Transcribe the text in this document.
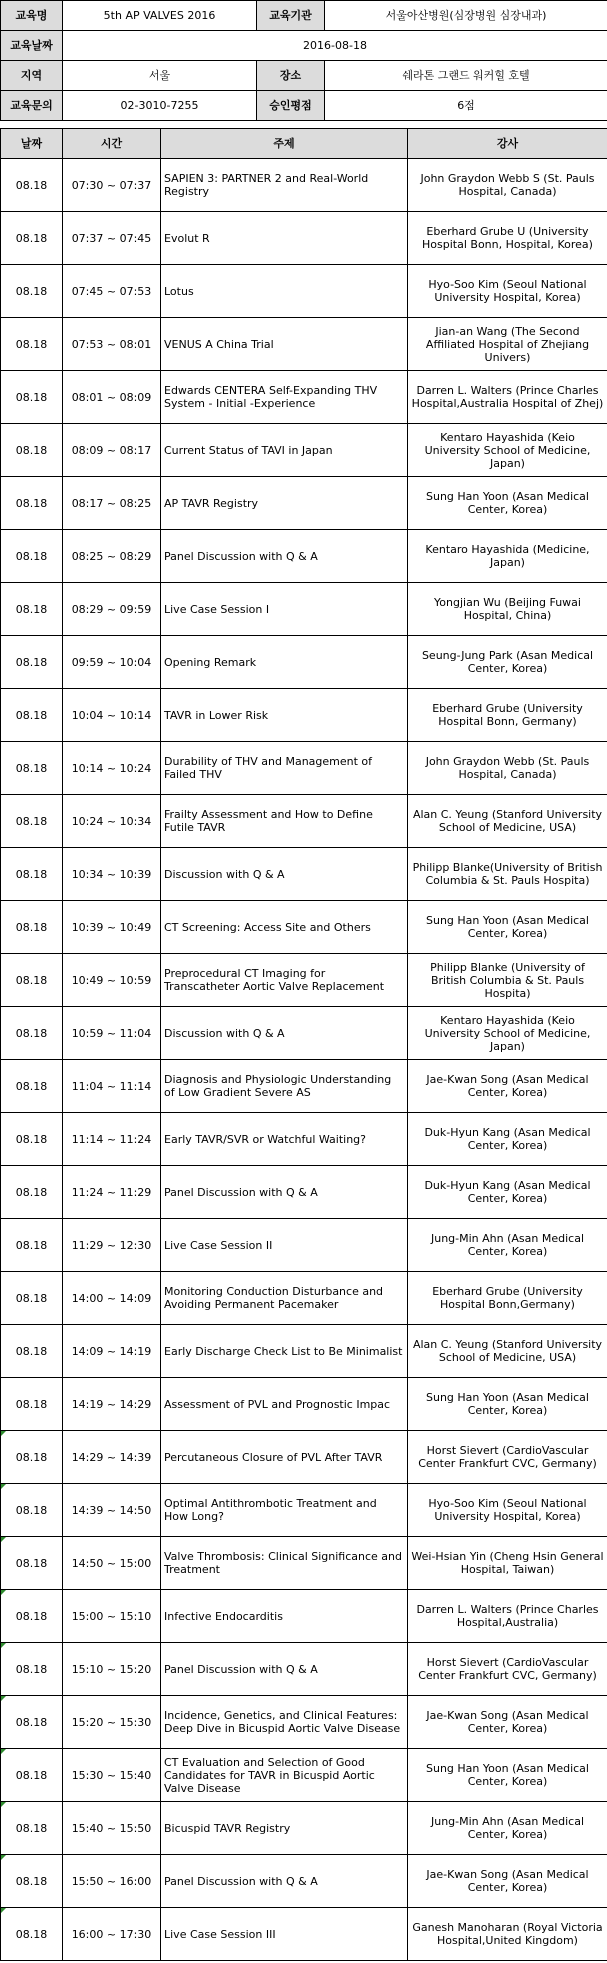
교육명	5th AP VALVES 2016	교육기관	서울아산병원(심장병원 심장내과)
교육날짜	2016-08-18		
지역	서울	장소	쉐라톤 그랜드 워커힐 호텔
교육문의	02-3010-7255	승인평점	6점
날짜	시간	주제	강사
08.18	07:30 ~ 07:37	SAPIEN 3: PARTNER 2 and Real-World Registry	John Graydon Webb S (St. Pauls Hospital, Canada)
08.18	07:37 ~ 07:45	Evolut R	Eberhard Grube U (University Hospital Bonn, Hospital, Korea)
08.18	07:45 ~ 07:53	Lotus	Hyo-Soo Kim (Seoul National University Hospital, Korea)
08.18	07:53 ~ 08:01	VENUS A China Trial	Jian-an Wang (The Second Affiliated Hospital of Zhejiang Univers)
08.18	08:01 ~ 08:09	Edwards CENTERA Self-Expanding THV System - Initial -Experience	Darren L. Walters (Prince Charles Hospital,Australia Hospital of Zhej)
08.18	08:09 ~ 08:17	Current Status of TAVI in Japan	Kentaro Hayashida (Keio University School of Medicine, Japan)
08.18	08:17 ~ 08:25	AP TAVR Registry	Sung Han Yoon (Asan Medical Center, Korea)
08.18	08:25 ~ 08:29	Panel Discussion with Q & A	Kentaro Hayashida (Medicine, Japan)
08.18	08:29 ~ 09:59	Live Case Session I	Yongjian Wu (Beijing Fuwai Hospital, China)
08.18	09:59 ~ 10:04	Opening Remark	Seung-Jung Park (Asan Medical Center, Korea)
08.18	10:04 ~ 10:14	TAVR in Lower Risk	Eberhard Grube (University Hospital Bonn, Germany)
08.18	10:14 ~ 10:24	Durability of THV and Management of Failed THV	John Graydon Webb (St. Pauls Hospital, Canada)
08.18	10:24 ~ 10:34	Frailty Assessment and How to Define Futile TAVR	Alan C. Yeung (Stanford University School of Medicine, USA)
08.18	10:34 ~ 10:39	Discussion with Q & A	Philipp Blanke(University of British Columbia & St. Pauls Hospita)
08.18	10:39 ~ 10:49	CT Screening: Access Site and Others	Sung Han Yoon (Asan Medical Center, Korea)
08.18	10:49 ~ 10:59	Preprocedural CT Imaging for Transcatheter Aortic Valve Replacement	Philipp Blanke (University of British Columbia & St. Pauls Hospita)
08.18	10:59 ~ 11:04	Discussion with Q & A	Kentaro Hayashida (Keio University School of Medicine, Japan)
08.18	11:04 ~ 11:14	Diagnosis and Physiologic Understanding of Low Gradient Severe AS	Jae-Kwan Song (Asan Medical Center, Korea)
08.18	11:14 ~ 11:24	Early TAVR/SVR or Watchful Waiting?	Duk-Hyun Kang (Asan Medical Center, Korea)
08.18	11:24 ~ 11:29	Panel Discussion with Q & A	Duk-Hyun Kang (Asan Medical Center, Korea)
08.18	11:29 ~ 12:30	Live Case Session II	Jung-Min Ahn (Asan Medical Center, Korea)
08.18	14:00 ~ 14:09	Monitoring Conduction Disturbance and Avoiding Permanent Pacemaker	Eberhard Grube (University Hospital Bonn,Germany)
08.18	14:09 ~ 14:19	Early Discharge Check List to Be Minimalist	Alan C. Yeung (Stanford University School of Medicine, USA)
08.18	14:19 ~ 14:29	Assessment of PVL and Prognostic Impac	Sung Han Yoon (Asan Medical Center, Korea)
08.18	14:29 ~ 14:39	Percutaneous Closure of PVL After TAVR	Horst Sievert (CardioVascular Center Frankfurt CVC, Germany)
08.18	14:39 ~ 14:50	Optimal Antithrombotic Treatment and How Long?	Hyo-Soo Kim (Seoul National University Hospital, Korea)
08.18	14:50 ~ 15:00	Valve Thrombosis: Clinical Significance and Treatment	Wei-Hsian Yin (Cheng Hsin General Hospital, Taiwan)
08.18	15:00 ~ 15:10	Infective Endocarditis	Darren L. Walters (Prince Charles Hospital,Australia)
08.18	15:10 ~ 15:20	Panel Discussion with Q & A	Horst Sievert (CardioVascular Center Frankfurt CVC, Germany)
08.18	15:20 ~ 15:30	Incidence, Genetics, and Clinical Features: Deep Dive in Bicuspid Aortic Valve Disease	Jae-Kwan Song (Asan Medical Center, Korea)
08.18	15:30 ~ 15:40	CT Evaluation and Selection of Good Candidates for TAVR in Bicuspid Aortic Valve Disease	Sung Han Yoon (Asan Medical Center, Korea)
08.18	15:40 ~ 15:50	Bicuspid TAVR Registry	Jung-Min Ahn (Asan Medical Center, Korea)
08.18	15:50 ~ 16:00	Panel Discussion with Q & A	Jae-Kwan Song (Asan Medical Center, Korea)
08.18	16:00 ~ 17:30	Live Case Session III	Ganesh Manoharan (Royal Victoria Hospital,United Kingdom)
